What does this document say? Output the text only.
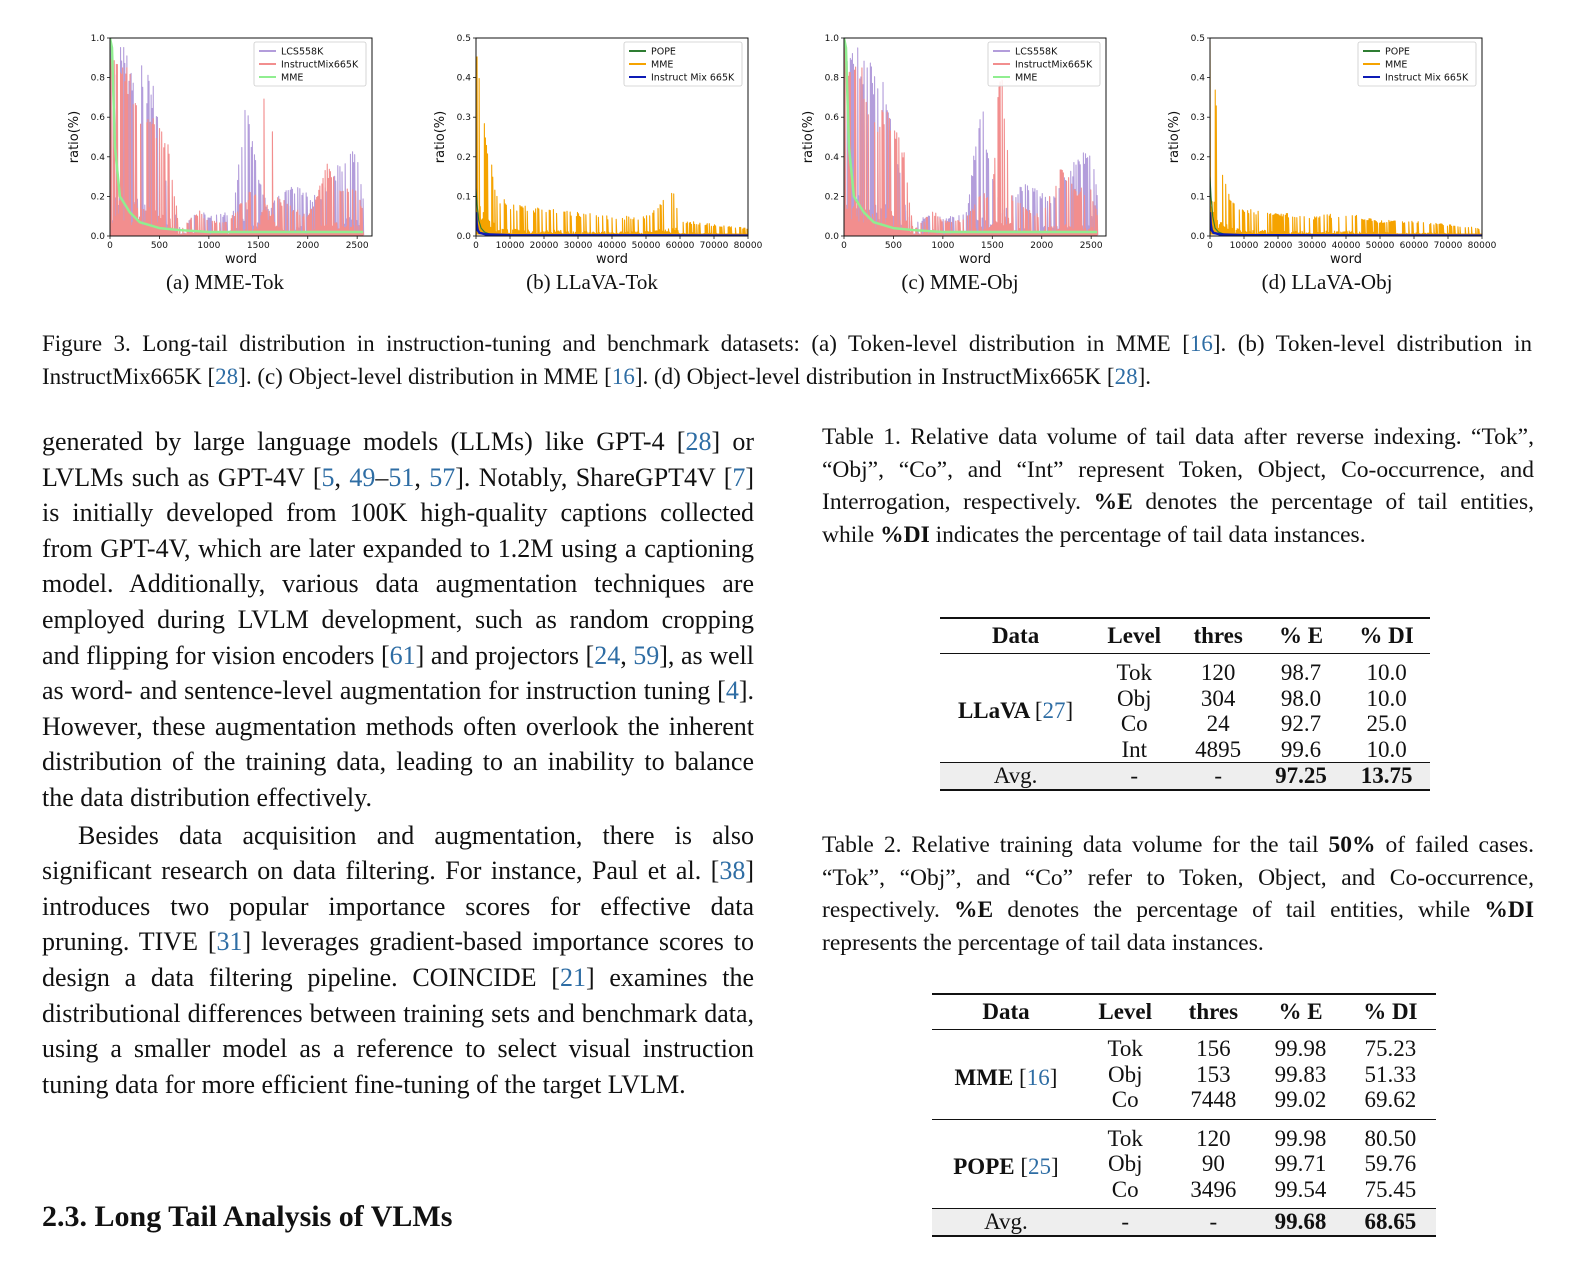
0.0
0.2
0.4
0.6
0.8
1.0
0	500	1000	1500	2000	2500
word
ratio(%)
LCS558K
InstructMix665K
MME
0.0
0.1
0.2
0.3
0.4
0.5
0 10000 20000 30000 40000 50000 60000 70000 80000
word
ratio(%)
POPE
MME
Instruct Mix 665K
0.0
0.2
0.4
0.6
0.8
1.0
0	500	1000	1500	2000	2500
word
ratio(%)
LCS558K
InstructMix665K
MME
0.0
0.1
0.2
0.3
0.4
0.5
0 10000 20000 30000 40000 50000 60000 70000 80000
word
ratio(%)
POPE
MME
Instruct Mix 665K
(a) MME-Tok	(b) LLaVA-Tok	(c) MME-Obj	(d) LLaVA-Obj
Figure 3. Long-tail distribution in instruction-tuning and benchmark datasets: (a) Token-level distribution in MME [16]. (b) Token-level distribution in InstructMix665K [28]. (c) Object-level distribution in MME [16]. (d) Object-level distribution in InstructMix665K [28].

generated by large language models (LLMs) like GPT-4 [28] or LVLMs such as GPT-4V [5, 49–51, 57]. Notably, ShareGPT4V [7] is initially developed from 100K high-quality captions collected from GPT-4V, which are later expanded to 1.2M using a captioning model. Additionally, various data augmentation techniques are employed during LVLM development, such as random cropping and flipping for vision encoders [61] and projectors [24, 59], as well as word- and sentence-level augmentation for instruction tuning [4]. However, these augmentation methods often overlook the inherent distribution of the training data, leading to an inability to balance the data distribution effectively.

Besides data acquisition and augmentation, there is also significant research on data filtering. For instance, Paul et al. [38] introduces two popular importance scores for effective data pruning. TIVE [31] leverages gradient-based importance scores to design a data filtering pipeline. COINCIDE [21] examines the distributional differences between training sets and benchmark data, using a smaller model as a reference to select visual instruction tuning data for more efficient fine-tuning of the target LVLM.

2.3. Long Tail Analysis of VLMs
Table 1. Relative data volume of tail data after reverse indexing. “Tok”, “Obj”, “Co”, and “Int” represent Token, Object, Co-occurrence, and Interrogation, respectively. %E denotes the percentage of tail entities, while %DI indicates the percentage of tail data instances.
Data	Level	thres	% E	% DI
LLaVA [27]	Tok	120	98.7	10.0
	Obj	304	98.0	10.0
	Co	24	92.7	25.0
	Int	4895	99.6	10.0
Avg.	-	-	97.25	13.75
Table 2. Relative training data volume for the tail 50% of failed cases. “Tok”, “Obj”, and “Co” refer to Token, Object, and Co-occurrence, respectively. %E denotes the percentage of tail entities, while %DI represents the percentage of tail data instances.
Data	Level	thres	% E	% DI
MME [16]	Tok	156	99.98	75.23
	Obj	153	99.83	51.33
	Co	7448	99.02	69.62
POPE [25]	Tok	120	99.98	80.50
	Obj	90	99.71	59.76
	Co	3496	99.54	75.45
Avg.	-	-	99.68	68.65
